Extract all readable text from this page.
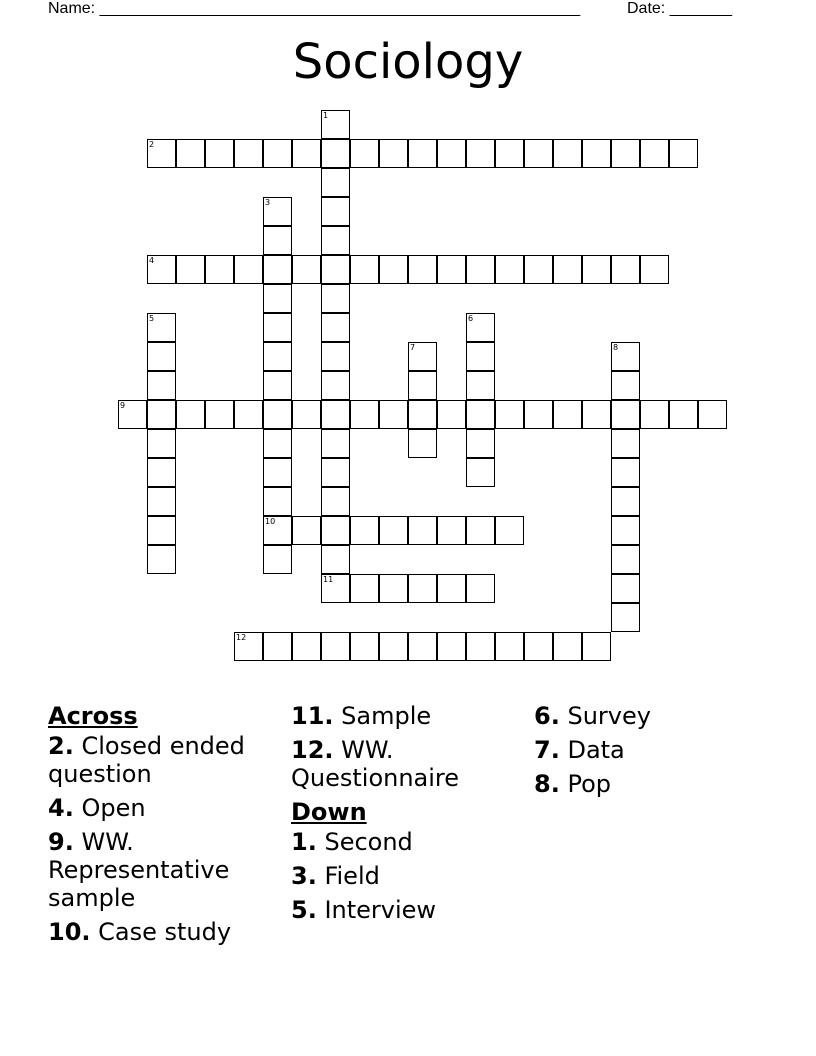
Name: ______________________________________________________	Date: _______
Sociology
1
11
2
3
10
4
5	6
7	8
9
12
Across
2. Closed ended question
4. Open
9. WW. Representative sample
10. Case study
11. Sample
12. WW. Questionnaire
Down
1. Second
3. Field
5. Interview
6. Survey
7. Data
8. Pop
